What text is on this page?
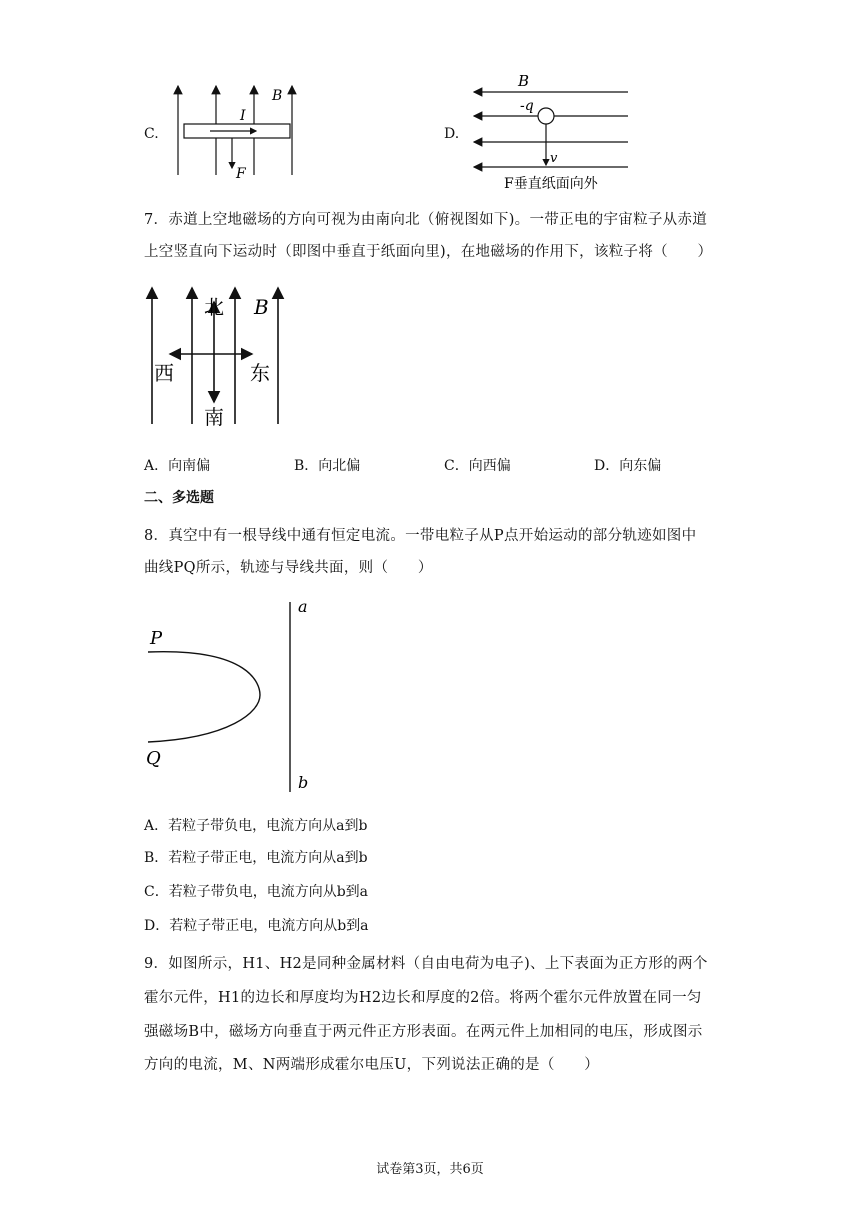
C.
I
B
F
D.
B
-q
v
F垂直纸面向外
7．赤道上空地磁场的方向可视为由南向北（俯视图如下)。一带正电的宇宙粒子从赤道
上空竖直向下运动时（即图中垂直于纸面向里)，在地磁场的作用下，该粒子将（　　）
北
南
西	东
B
A．向南偏	B．向北偏	C．向西偏	D．向东偏
二、多选题
8．真空中有一根导线中通有恒定电流。一带电粒子从P点开始运动的部分轨迹如图中
曲线PQ所示，轨迹与导线共面，则（　　）
P
Q
a
b
A．若粒子带负电，电流方向从a到b
B．若粒子带正电，电流方向从a到b
C．若粒子带负电，电流方向从b到a
D．若粒子带正电，电流方向从b到a
9．如图所示，H1、H2是同种金属材料（自由电荷为电子)、上下表面为正方形的两个
霍尔元件，H1的边长和厚度均为H2边长和厚度的2倍。将两个霍尔元件放置在同一匀
强磁场B中，磁场方向垂直于两元件正方形表面。在两元件上加相同的电压，形成图示
方向的电流，M、N两端形成霍尔电压U，下列说法正确的是（　　）
试卷第3页，共6页
